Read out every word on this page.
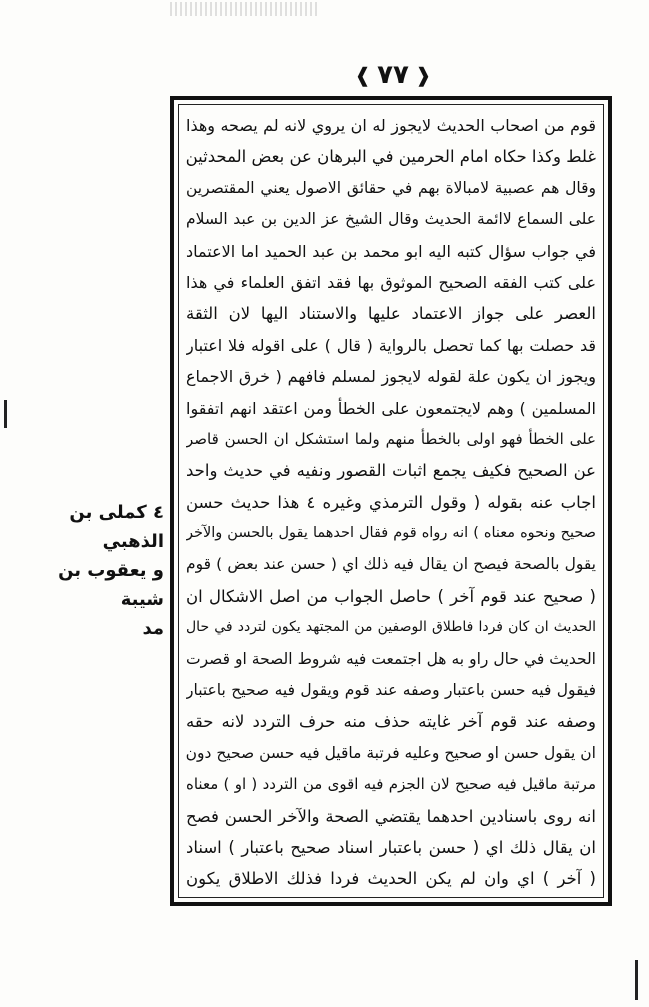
❰ ٧٧ ❱
قوم من اصحاب الحديث لايجوز له ان يروي لانه لم يصحه وهذا
غلط وكذا حكاه امام الحرمين في البرهان عن بعض المحدثين
وقال هم عصبية لامبالاة بهم في حقائق الاصول يعني المقتصرين
على السماع لاائمة الحديث وقال الشيخ عز الدين بن عبد السلام
في جواب سؤال كتبه اليه ابو محمد بن عبد الحميد اما الاعتماد
على كتب الفقه الصحيح الموثوق بها فقد اتفق العلماء في هذا
العصر على جواز الاعتماد عليها والاستناد اليها لان الثقة
قد حصلت بها كما تحصل بالرواية ( قال ) على اقوله فلا اعتبار
ويجوز ان يكون علة لقوله لايجوز لمسلم فافهم ( خرق الاجماع
المسلمين ) وهم لايجتمعون على الخطأ ومن اعتقد انهم اتفقوا
على الخطأ فهو اولى بالخطأ منهم ولما استشكل ان الحسن قاصر
عن الصحيح فكيف يجمع اثبات القصور ونفيه في حديث واحد
اجاب عنه بقوله ( وقول الترمذي وغيره ٤ هذا حديث حسن
صحيح ونحوه معناه ) انه رواه قوم فقال احدهما يقول بالحسن والآخر
يقول بالصحة فيصح ان يقال فيه ذلك اي ( حسن عند بعض ) قوم
( صحيح عند قوم آخر ) حاصل الجواب من اصل الاشكال ان
الحديث ان كان فردا فاطلاق الوصفين من المجتهد يكون لتردد في حال
الحديث في حال راو به هل اجتمعت فيه شروط الصحة او قصرت
فيقول فيه حسن باعتبار وصفه عند قوم ويقول فيه صحيح باعتبار
وصفه عند قوم آخر غايته حذف منه حرف التردد لانه حقه
ان يقول حسن او صحيح وعليه فرتبة ماقيل فيه حسن صحيح دون
مرتبة ماقيل فيه صحيح لان الجزم فيه اقوى من التردد ( او ) معناه
انه روى باسنادين احدهما يقتضي الصحة والآخر الحسن فصح
ان يقال ذلك اي ( حسن باعتبار اسناد صحيح باعتبار ) اسناد
( آخر ) اي وان لم يكن الحديث فردا فذلك الاطلاق يكون
٤ كملى بن الذهبي
و يعقوب بن شيبة
مد
